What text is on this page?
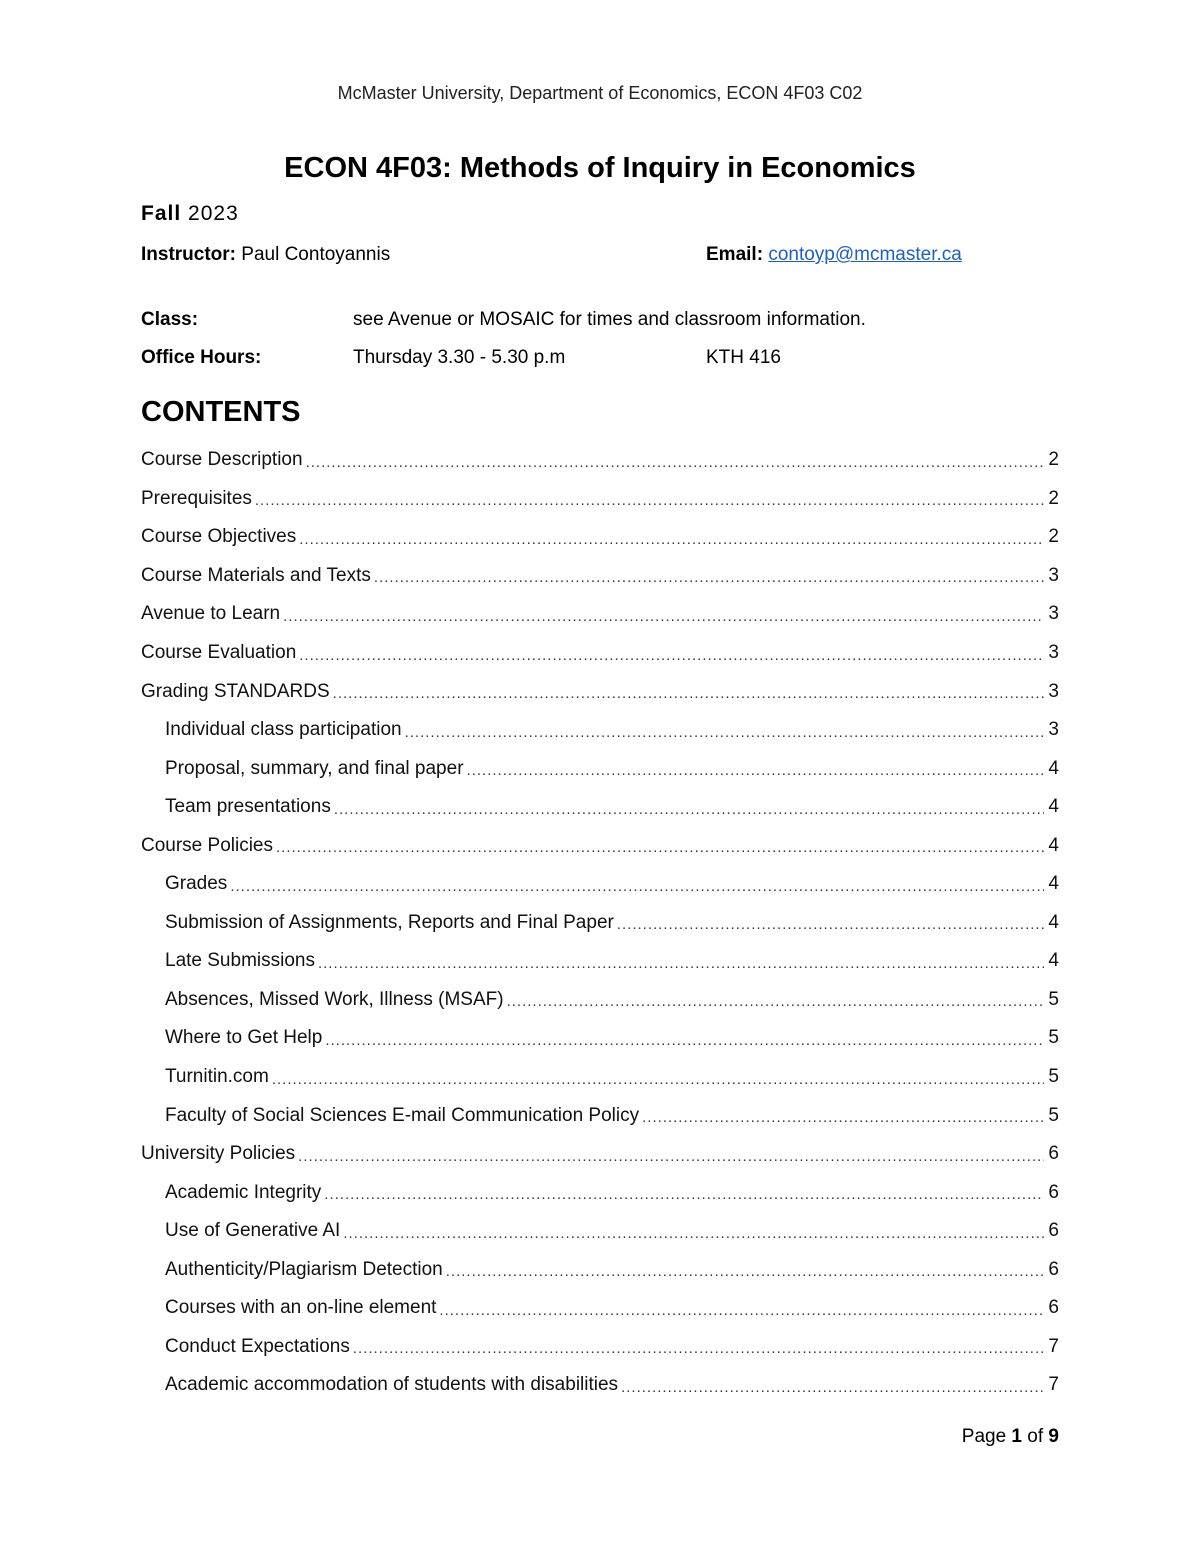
McMaster University, Department of Economics, ECON 4F03 C02
ECON 4F03: Methods of Inquiry in Economics
Fall 2023
Instructor: Paul Contoyannis	Email: contoyp@mcmaster.ca
Class:	see Avenue or MOSAIC for times and classroom information.
Office Hours:	Thursday 3.30 - 5.30 p.m	KTH 416
CONTENTS
Course Description .....	2
Prerequisites .....	2
Course Objectives .....	2
Course Materials and Texts .....	3
Avenue to Learn .....	3
Course Evaluation .....	3
Grading STANDARDS .....	3
Individual class participation .....	3
Proposal, summary, and final paper .....	4
Team presentations .....	4
Course Policies .....	4
Grades .....	4
Submission of Assignments, Reports and Final Paper .....	4
Late Submissions .....	4
Absences, Missed Work, Illness (MSAF) .....	5
Where to Get Help .....	5
Turnitin.com .....	5
Faculty of Social Sciences E-mail Communication Policy .....	5
University Policies .....	6
Academic Integrity .....	6
Use of Generative AI .....	6
Authenticity/Plagiarism Detection .....	6
Courses with an on-line element .....	6
Conduct Expectations .....	7
Academic accommodation of students with disabilities .....	7
Page 1 of 9
